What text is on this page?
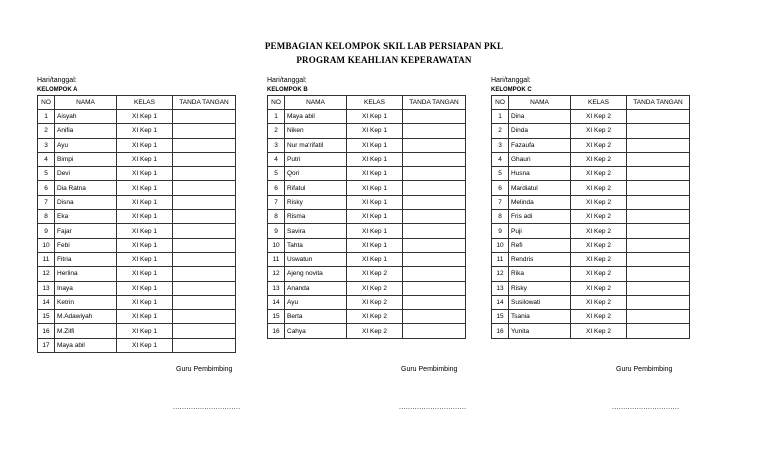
PEMBAGIAN KELOMPOK SKIL LAB PERSIAPAN PKL
PROGRAM KEAHLIAN KEPERAWATAN
Hari/tanggal:
KELOMPOK A
NO	NAMA	KELAS	TANDA TANGAN
1	Aisyah	XI Kep 1	
2	Anifia	XI Kep 1	
3	Ayu	XI Kep 1	
4	Bimpi	XI Kep 1	
5	Devi	XI Kep 1	
6	Dia Ratna	XI Kep 1	
7	Disna	XI Kep 1	
8	Eka	XI Kep 1	
9	Fajar	XI Kep 1	
10	Febi	XI Kep 1	
11	Fitria	XI Kep 1	
12	Herlina	XI Kep 1	
13	Inaya	XI Kep 1	
14	Ketrin	XI Kep 1	
15	M.Adawiyah	XI Kep 1	
16	M.Zilfi	XI Kep 1	
17	Maya abil	XI Kep 1	
Hari/tanggal:
KELOMPOK B
NO	NAMA	KELAS	TANDA TANGAN
1	Maya abil	XI Kep 1	
2	Niken	XI Kep 1	
3	Nur ma'rifatil	XI Kep 1	
4	Putri	XI Kep 1	
5	Qori	XI Kep 1	
6	Rifatul	XI Kep 1	
7	Risky	XI Kep 1	
8	Risma	XI Kep 1	
9	Savira	XI Kep 1	
10	Tahta	XI Kep 1	
11	Uswatun	XI Kep 1	
12	Ajeng novita	XI Kep 2	
13	Ananda	XI Kep 2	
14	Ayu	XI Kep 2	
15	Berta	XI Kep 2	
16	Cahya	XI Kep 2	
Hari/tanggal:
KELOMPOK C
NO	NAMA	KELAS	TANDA TANGAN
1	Dina	XI Kep 2	
2	Dinda	XI Kep 2	
3	Fazaufa	XI Kep 2	
4	Ghauri	XI Kep 2	
5	Husna	XI Kep 2	
6	Mardiatul	XI Kep 2	
7	Melinda	XI Kep 2	
8	Fris adi	XI Kep 2	
9	Puji	XI Kep 2	
10	Refi	XI Kep 2	
11	Rendris	XI Kep 2	
12	Rika	XI Kep 2	
13	Risky	XI Kep 2	
14	Susilowati	XI Kep 2	
15	Tsania	XI Kep 2	
16	Yunita	XI Kep 2	
Guru Pembimbing	Guru Pembimbing	Guru Pembimbing
..............................	..............................	..............................
